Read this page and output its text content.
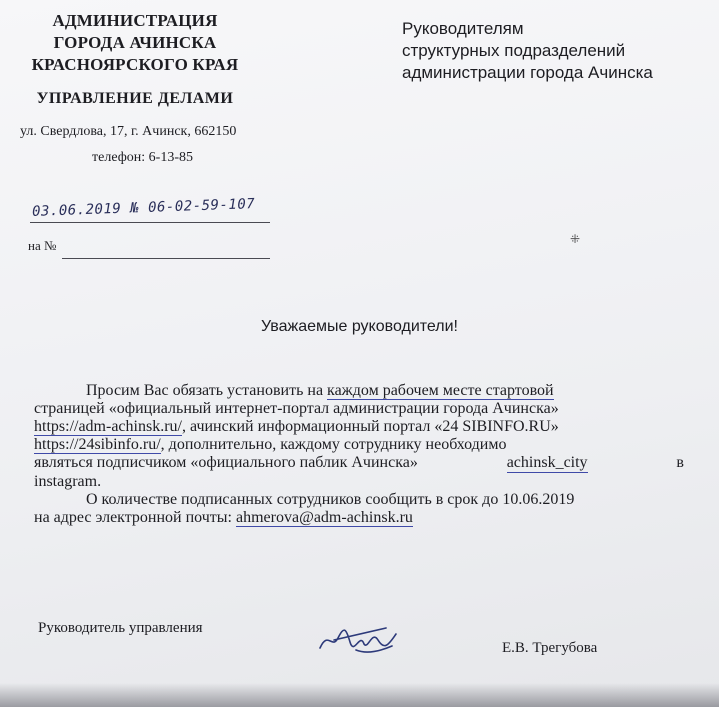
АДМИНИСТРАЦИЯ
ГОРОДА АЧИНСКА
КРАСНОЯРСКОГО КРАЯ
УПРАВЛЕНИЕ ДЕЛАМИ
ул. Свердлова, 17, г. Ачинск, 662150
телефон: 6-13-85
03.06.2019 № 06-02-59-107
на №
Руководителям
структурных подразделений
администрации города Ачинска
⁜
Уважаемые руководители!

Просим Вас обязать установить на каждом рабочем месте стартовой

страницей «официальный интернет-портал администрации города Ачинска»

https://adm-achinsk.ru/, ачинский информационный портал «24 SIBINFO.RU»

https://24sibinfo.ru/, дополнительно, каждому сотруднику необходимо

являться подписчиком «официального паблик Ачинска»	achinsk_city	в

instagram.

О количестве подписанных сотрудников сообщить в срок до 10.06.2019

на адрес электронной почты: ahmerova@adm-achinsk.ru

Руководитель управления
Е.В. Трегубова
